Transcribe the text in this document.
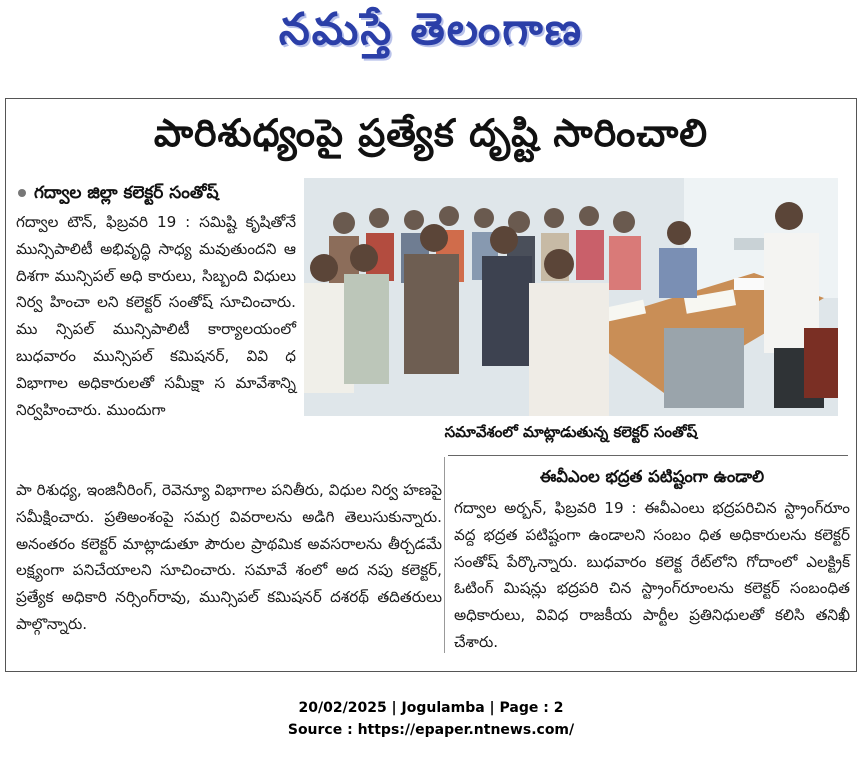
నమస్తే తెలంగాణ
పారిశుధ్యంపై ప్రత్యేక దృష్టి సారించాలి
గద్వాల జిల్లా కలెక్టర్ సంతోష్
గద్వాల టౌన్, ఫిబ్రవరి 19 : సమిష్టి కృషితోనే మున్సిపాలిటీ అభివృద్ధి సాధ్య మవుతుందని ఆ దిశగా మున్సిపల్ అధి కారులు, సిబ్బంది విధులు నిర్వ హించా లని కలెక్టర్ సంతోష్ సూచించారు. ము న్సిపల్ మున్సిపాలిటీ కార్యాలయంలో బుధవారం మున్సిపల్ కమిషనర్, వివి ధ విభాగాల అధికారులతో సమీక్షా స మావేశాన్ని నిర్వహించారు. ముందుగా
సమావేశంలో మాట్లాడుతున్న కలెక్టర్ సంతోష్
పా రిశుధ్య, ఇంజినీరింగ్, రెవెన్యూ విభాగాల పనితీరు, విధుల నిర్వ హణపై సమీక్షించారు. ప్రతిఅంశంపై సమగ్ర వివరాలను అడిగి తెలుసుకున్నారు. అనంతరం కలెక్టర్ మాట్లాడుతూ పౌరుల ప్రాథమిక అవసరాలను తీర్చడమే లక్ష్యంగా పనిచేయాలని సూచించారు. సమావే శంలో అద నపు కలెక్టర్, ప్రత్యేక అధికారి నర్సింగ్‌రావు, మున్సిపల్ కమిషనర్ దశరథ్ తదితరులు పాల్గొన్నారు.
ఈవీఎంల భద్రత పటిష్టంగా ఉండాలి
గద్వాల అర్బన్, ఫిబ్రవరి 19 : ఈవీఎంలు భద్రపరిచిన స్ట్రాంగ్‌రూం వద్ద భద్రత పటిష్టంగా ఉండాలని సంబం ధిత అధికారులను కలెక్టర్ సంతోష్ పేర్కొన్నారు. బుధవారం కలెక్ట రేట్‌లోని గోదాంలో ఎలక్ట్రిక్ ఓటింగ్ మిషన్లు భద్రపరి చిన స్ట్రాంగ్‌రూంలను కలెక్టర్ సంబంధిత అధికారులు, వివిధ రాజకీయ పార్టీల ప్రతినిధులతో కలిసి తనిఖీ చేశారు.
20/02/2025 | Jogulamba | Page : 2
Source : https://epaper.ntnews.com/
